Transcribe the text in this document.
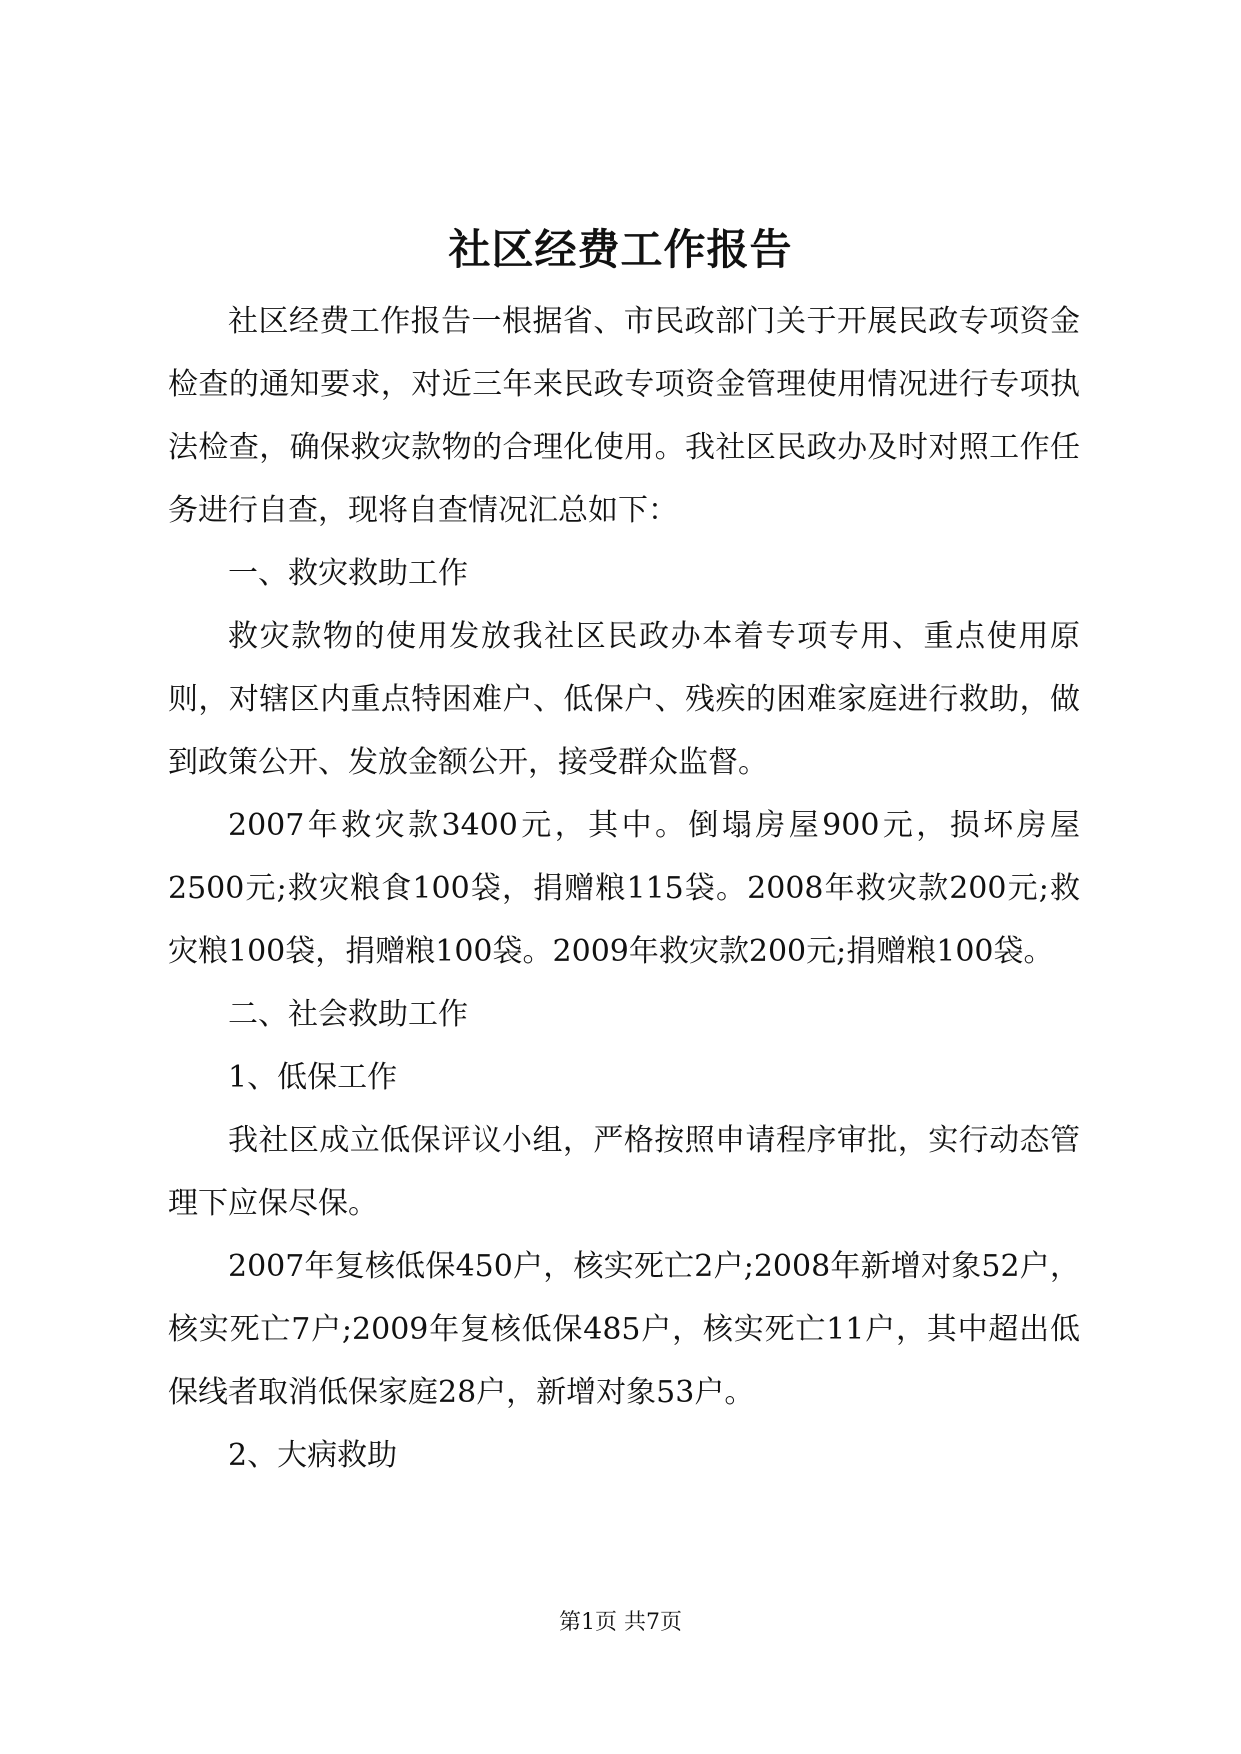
社区经费工作报告

社区经费工作报告一根据省、市民政部门关于开展民政专项资金检查的通知要求，对近三年来民政专项资金管理使用情况进行专项执法检查，确保救灾款物的合理化使用。我社区民政办及时对照工作任务进行自查，现将自查情况汇总如下：

一、救灾救助工作

救灾款物的使用发放我社区民政办本着专项专用、重点使用原则，对辖区内重点特困难户、低保户、残疾的困难家庭进行救助，做到政策公开、发放金额公开，接受群众监督。

2007年救灾款3400元，其中。倒塌房屋900元，损坏房屋2500元;救灾粮食100袋，捐赠粮115袋。2008年救灾款200元;救灾粮100袋，捐赠粮100袋。2009年救灾款200元;捐赠粮100袋。

二、社会救助工作

1、低保工作

我社区成立低保评议小组，严格按照申请程序审批，实行动态管理下应保尽保。

2007年复核低保450户，核实死亡2户;2008年新增对象52户，核实死亡7户;2009年复核低保485户，核实死亡11户，其中超出低保线者取消低保家庭28户，新增对象53户。

2、大病救助

第1页 共7页
